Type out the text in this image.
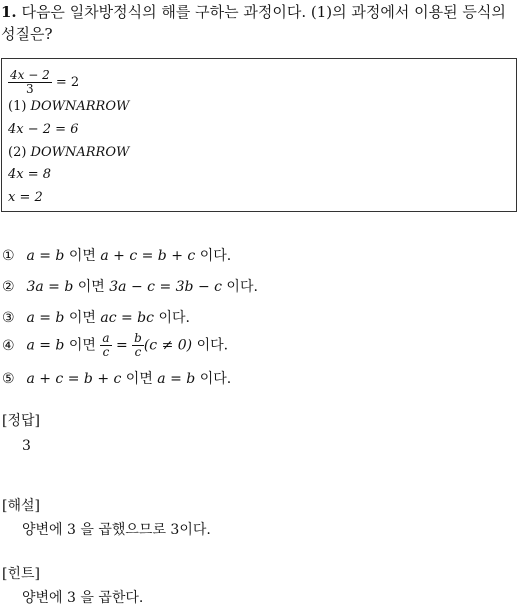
1. 다음은 일차방정식의 해를 구하는 과정이다. (1)의 과정에서 이용된 등식의
성질은?
$\frac{4x - 2}{3} = 2$
(1) DOWNARROW
4x − 2 = 6
(2) DOWNARROW
4x = 8
x = 2
① a = b 이면 a + c = b + c 이다.
② 3a = b 이면 3a − c = 3b − c 이다.
③ a = b 이면 ac = bc 이다.
④ a = b 이면 $\frac{a}{c} = \frac{b}{c} (c \ne 0)$ 이다.
⑤ a + c = b + c 이면 a = b 이다.
[정답]
3
[해설]
양변에 3 을 곱했으므로 3이다.
[힌트]
양변에 3 을 곱한다.
